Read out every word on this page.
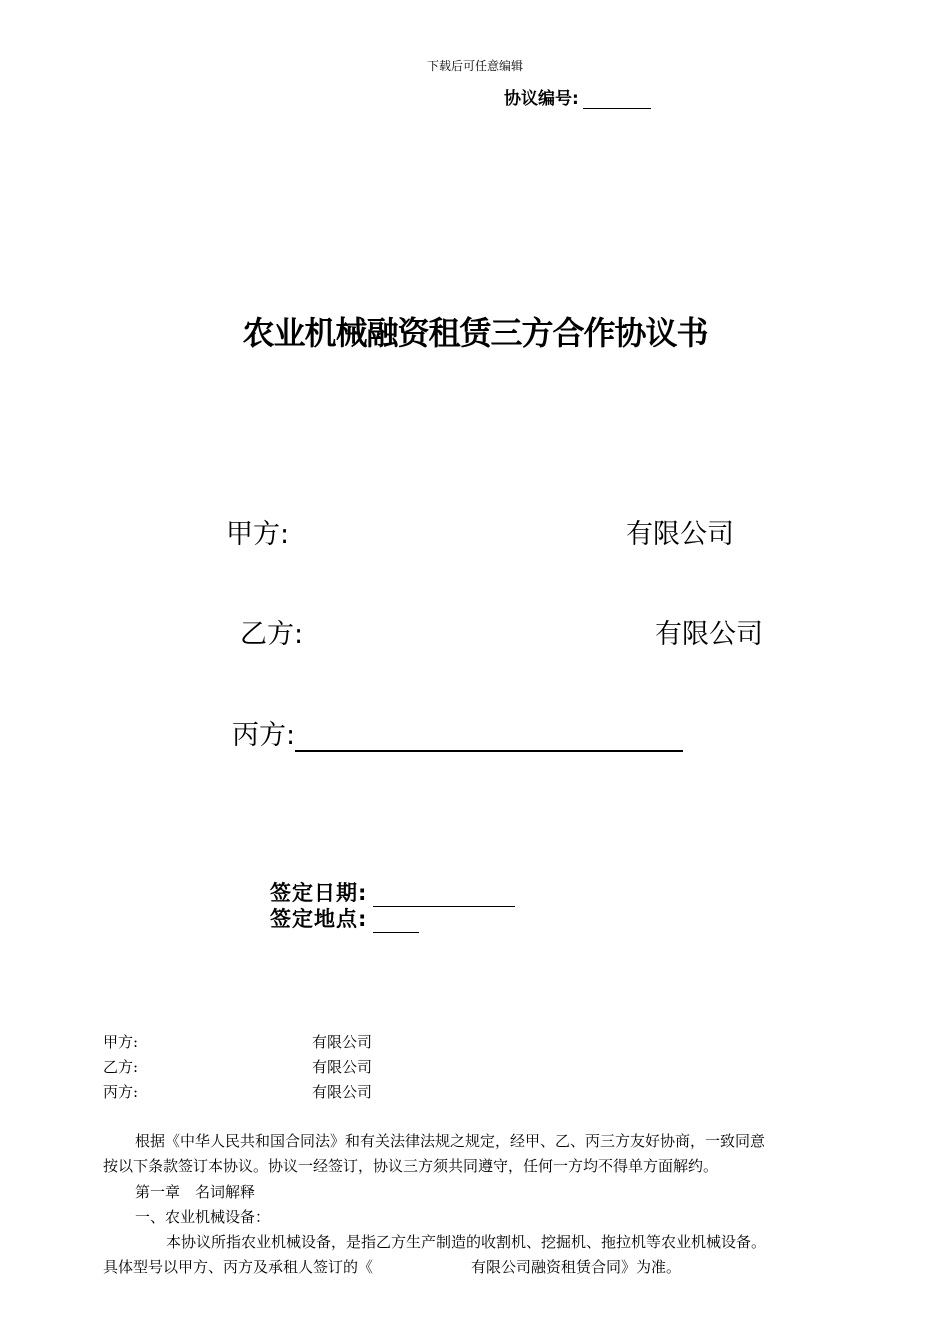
下载后可任意编辑
协议编号:
农业机械融资租赁三方合作协议书
甲方:	有限公司
乙方:	有限公司
丙方:
签定日期:
签定地点:
甲方:	有限公司
乙方:	有限公司
丙方:	有限公司
根据《中华人民共和国合同法》和有关法律法规之规定，经甲、乙、丙三方友好协商，一致同意
按以下条款签订本协议。协议一经签订，协议三方须共同遵守，任何一方均不得单方面解约。
第一章　名词解释
一、农业机械设备：
本协议所指农业机械设备，是指乙方生产制造的收割机、挖掘机、拖拉机等农业机械设备。
具体型号以甲方、丙方及承租人签订的《	有限公司融资租赁合同》为准。
